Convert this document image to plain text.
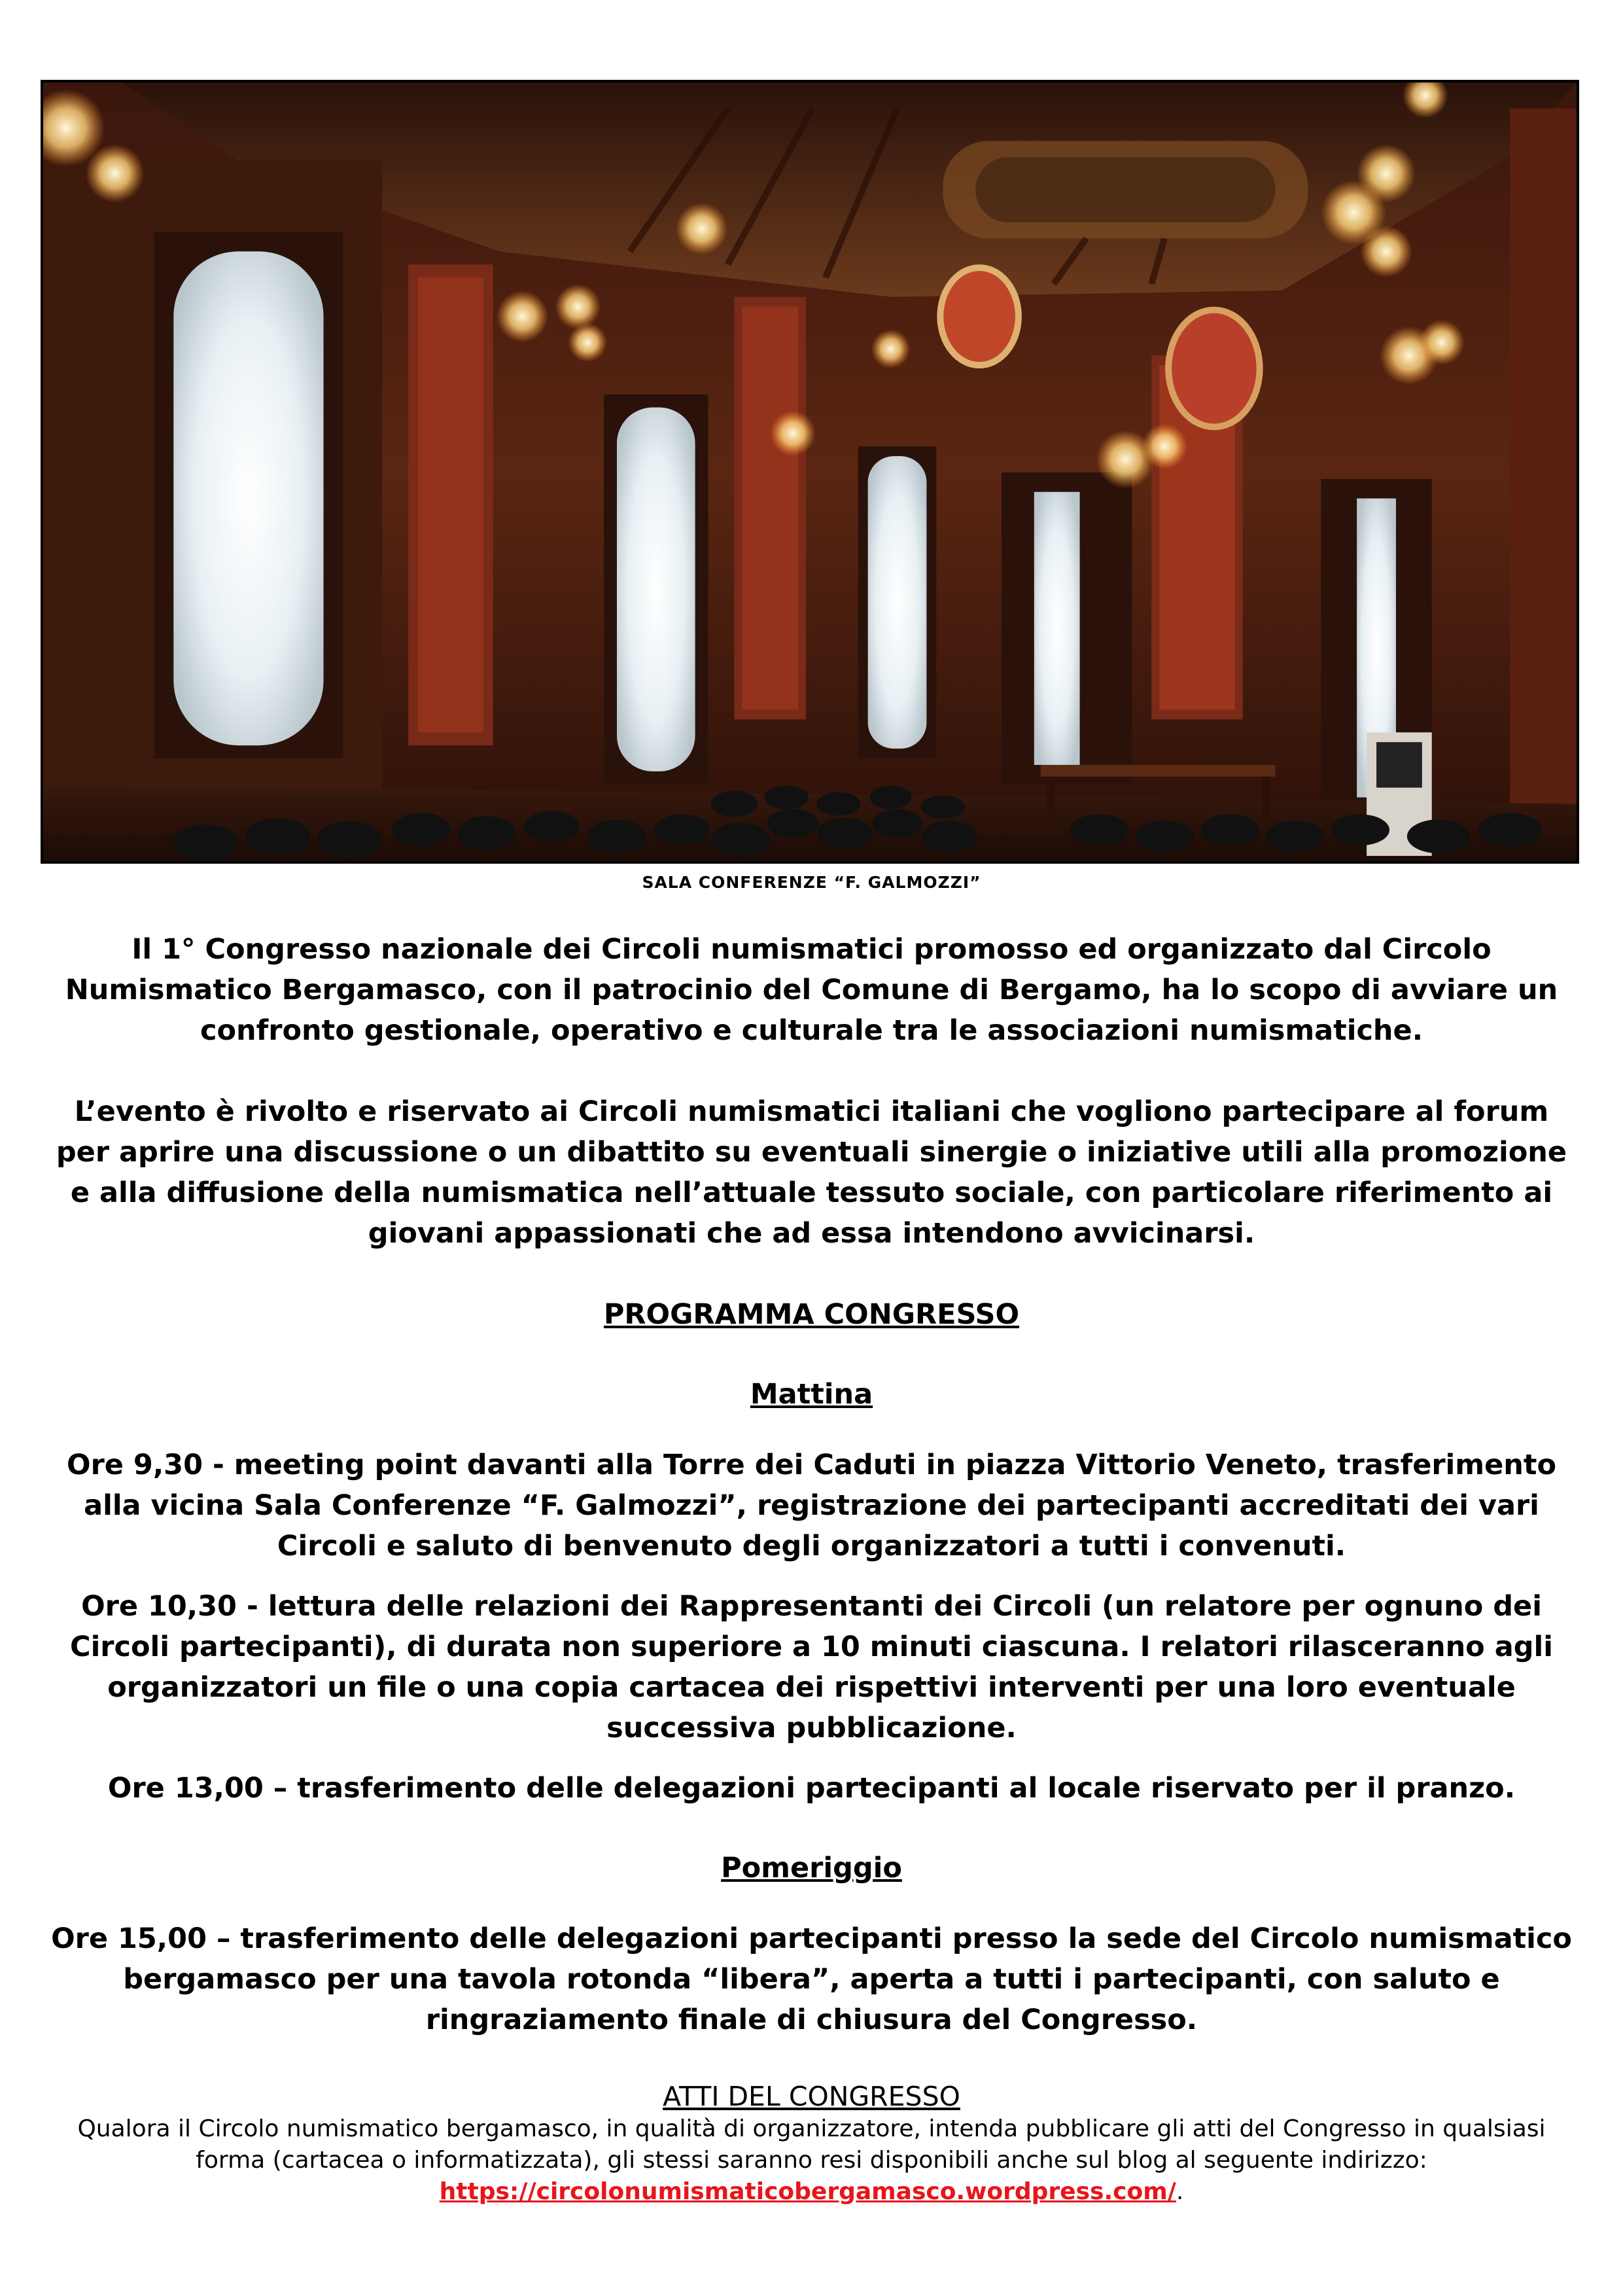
SALA CONFERENZE “F. GALMOZZI”

Il 1° Congresso nazionale dei Circoli numismatici promosso ed organizzato dal Circolo Numismatico Bergamasco, con il patrocinio del Comune di Bergamo, ha lo scopo di avviare un confronto gestionale, operativo e culturale tra le associazioni numismatiche.

L’evento è rivolto e riservato ai Circoli numismatici italiani che vogliono partecipare al forum per aprire una discussione o un dibattito su eventuali sinergie o iniziative utili alla promozione e alla diffusione della numismatica nell’attuale tessuto sociale, con particolare riferimento ai giovani appassionati che ad essa intendono avvicinarsi.

PROGRAMMA CONGRESSO

Mattina

Ore 9,30 - meeting point davanti alla Torre dei Caduti in piazza Vittorio Veneto, trasferimento alla vicina Sala Conferenze “F. Galmozzi”, registrazione dei partecipanti accreditati dei vari Circoli e saluto di benvenuto degli organizzatori a tutti i convenuti.

Ore 10,30 - lettura delle relazioni dei Rappresentanti dei Circoli (un relatore per ognuno dei Circoli partecipanti), di durata non superiore a 10 minuti ciascuna. I relatori rilasceranno agli organizzatori un file o una copia cartacea dei rispettivi interventi per una loro eventuale successiva pubblicazione.

Ore 13,00 – trasferimento delle delegazioni partecipanti al locale riservato per il pranzo.

Pomeriggio

Ore 15,00 – trasferimento delle delegazioni partecipanti presso la sede del Circolo numismatico bergamasco per una tavola rotonda “libera”, aperta a tutti i partecipanti, con saluto e ringraziamento finale di chiusura del Congresso.

ATTI DEL CONGRESSO

Qualora il Circolo numismatico bergamasco, in qualità di organizzatore, intenda pubblicare gli atti del Congresso in qualsiasi forma (cartacea o informatizzata), gli stessi saranno resi disponibili anche sul blog al seguente indirizzo:
https://circolonumismaticobergamasco.wordpress.com/.
